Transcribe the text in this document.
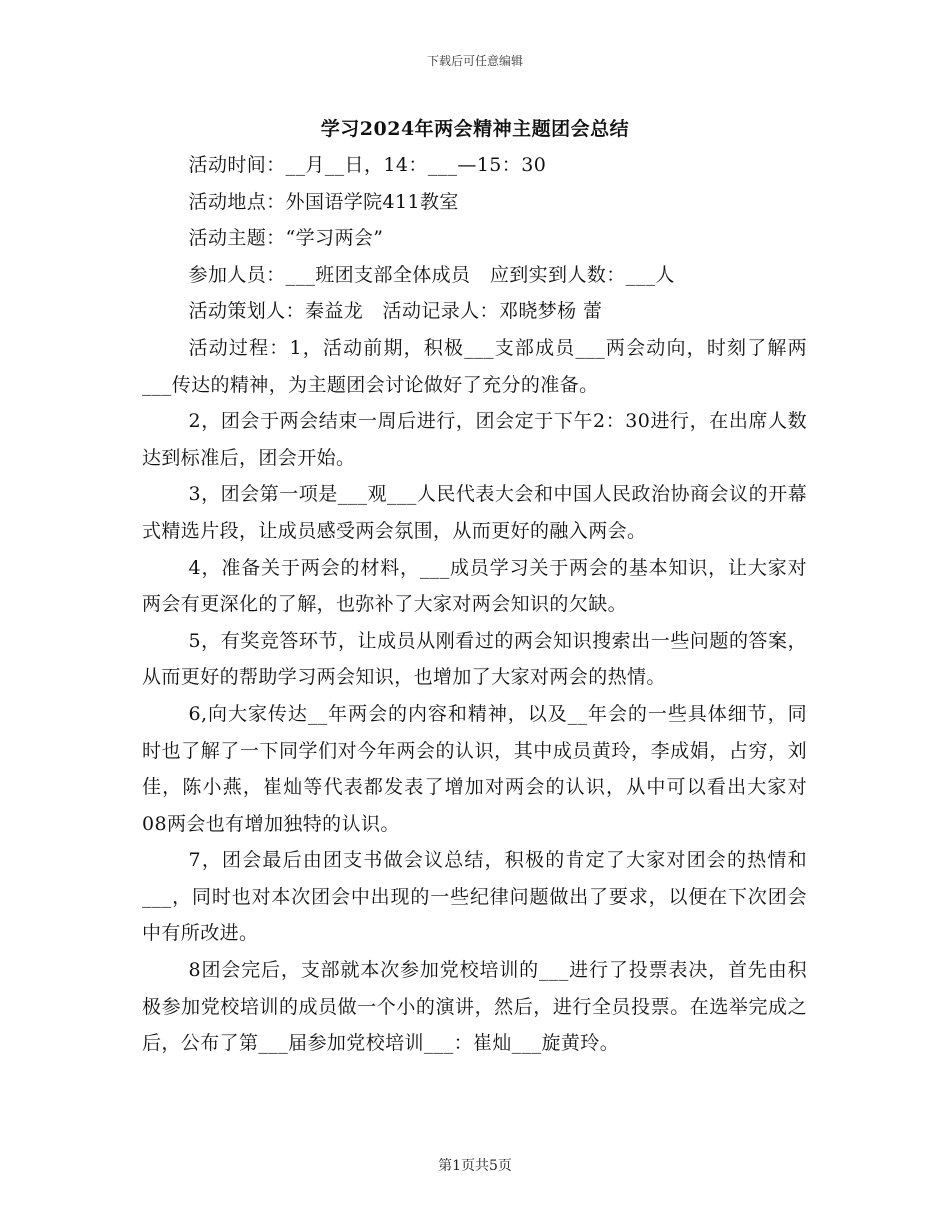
下载后可任意编辑
学习2024年两会精神主题团会总结

活动时间：__月__日，14：___—15：30

活动地点：外国语学院411教室

活动主题：“学习两会”

参加人员：___班团支部全体成员　应到实到人数：___人

活动策划人：秦益龙　活动记录人：邓晓梦杨 蕾

活动过程：1，活动前期，积极___支部成员___两会动向，时刻了解两___传达的精神，为主题团会讨论做好了充分的准备。

2，团会于两会结束一周后进行，团会定于下午2：30进行，在出席人数达到标准后，团会开始。

3，团会第一项是___观___人民代表大会和中国人民政治协商会议的开幕式精选片段，让成员感受两会氛围，从而更好的融入两会。

4，准备关于两会的材料，___成员学习关于两会的基本知识，让大家对两会有更深化的了解，也弥补了大家对两会知识的欠缺。

5，有奖竞答环节，让成员从刚看过的两会知识搜索出一些问题的答案，从而更好的帮助学习两会知识，也增加了大家对两会的热情。

6,向大家传达__年两会的内容和精神，以及__年会的一些具体细节，同时也了解了一下同学们对今年两会的认识，其中成员黄玲，李成娟，占穷，刘佳，陈小燕，崔灿等代表都发表了增加对两会的认识，从中可以看出大家对08两会也有增加独特的认识。

7，团会最后由团支书做会议总结，积极的肯定了大家对团会的热情和___，同时也对本次团会中出现的一些纪律问题做出了要求，以便在下次团会中有所改进。

8团会完后，支部就本次参加党校培训的___进行了投票表决，首先由积极参加党校培训的成员做一个小的演讲，然后，进行全员投票。在选举完成之后，公布了第___届参加党校培训___：崔灿___旋黄玲。

第1页共5页
